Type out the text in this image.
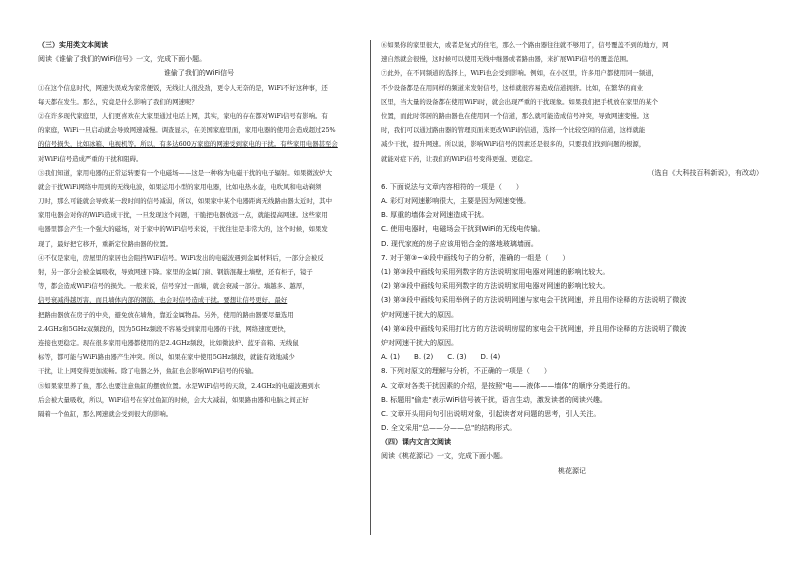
（三）实用类文本阅读
阅读《谁偷了我们的WiFi信号》一文，完成下面小题。
谁偷了我们的WiFi信号
①在这个信息时代，网速失误成为家常便饭，无线让人很没劲，更令人无奈的是，WiFi不好这种事，还
每天都在发生。那么，究竟是什么影响了我们的网速呢？
②在许多现代家庭里，人们更喜欢在大家里通过电话上网，其实，家电的存在都对WiFi信号有影响。有
的家庭，WiFi一旦启动就会导致网速减慢。调查显示，在美国家庭里面，家用电器的使用会造成超过25%
的信号损失，比如冰箱、电视机等。所以，有多达600万家庭的网速受到家电的干扰。有些家用电器甚至会
对WiFi信号造成严重的干扰和阻碍。
③我们知道，家用电器的正常运转要有一个电磁场——这是一种称为电磁干扰的电子辐射。如果微波炉大
就会干扰WiFi网络中用到的无线电波，如果运用小型的家用电器，比如电热水壶，电吹风和电动剃须
刀时，那么可能就会导致某一段时间的信号减弱，所以，如果家中某个电器距离无线路由器太近时，其中
家用电器会对你的WiFi造成干扰，一旦发现这个问题，干脆把电器放远一点，就能提高网速。这些家用
电器里都会产生一个强大的磁场，对于家中的WiFi信号来说，干扰往往是非常大的，这个时候，如果发
现了，最好把它移开，重新定位路由器的位置。
④不仅是家电，房屋里的家居也会阻挡WiFi信号。WiFi发出的电磁波遇到金属材料后，一部分会被反
射，另一部分会被金属吸收，导致网速下降。家里的金属门窗、钢筋混凝土墙壁，还有柜子，镜子
等，都会造成WiFi信号的损失。一般来说，信号穿过一面墙，就会衰减一部分。墙越多、越厚，
信号衰减得越厉害，而且墙体内部的钢筋，也会对信号造成干扰。要想让信号更好，最好
把路由器放在房子的中央，避免放在墙角，靠近金属物品。另外，使用的路由器要尽量选用
2.4GHz和5GHz双频段的，因为5GHz频段不容易受到家用电器的干扰，网络速度更快，
连接也更稳定。现在很多家用电器都使用的是2.4GHz频段，比如微波炉、蓝牙音箱、无线鼠
标等，都可能与WiFi路由器产生冲突。所以，如果在家中使用5GHz频段，就能有效地减少
干扰，让上网变得更加流畅。除了电器之外，鱼缸也会影响WiFi信号的传输。
⑤如果家里养了鱼，那么也要注意鱼缸的摆放位置。水是WiFi信号的天敌，2.4GHz的电磁波遇到水
后会被大量吸收，所以，WiFi信号在穿过鱼缸的时候，会大大减弱，如果路由器和电脑之间正好
隔着一个鱼缸，那么网速就会受到很大的影响。
⑥如果你的家里很大，或者是复式的住宅，那么一个路由器往往就不够用了，信号覆盖不到的地方，网
速自然就会很慢，这时候可以使用无线中继器或者路由器，来扩展WiFi信号的覆盖范围。
⑦此外，在不同频道的选择上，WiFi也会受到影响。例如，在小区里，许多用户都使用同一频道，
不少设备都是在用同样的频道来发射信号，这样就很容易造成信道拥挤。比如，在繁华的商业
区里，当大量的设备都在使用WiFi时，就会出现严重的干扰现象。如果我们把手机放在家里的某个
位置，而此时邻居的路由器也在使用同一个信道，那么就可能造成信号冲突，导致网速变慢。这
时，我们可以通过路由器的管理页面来更改WiFi的信道，选择一个比较空闲的信道，这样就能
减少干扰，提升网速。所以说，影响WiFi信号的因素还是很多的，只要我们找到问题的根源，
就能对症下药，让我们的WiFi信号变得更强、更稳定。
（选自《大科技百科新说》，有改动）
6. 下面说法与文章内容相符的一项是（　　）
A. 彩灯对网速影响很大，主要是因为网速变慢。
B. 厚重的墙体会对网速造成干扰。
C. 使用电器时，电磁场会干扰到WiFi的无线电传输。
D. 现代家庭的房子应该用铝合金的落地玻璃墙面。
7. 对于第③~④段中画线句子的分析，准确的一组是（　　）
(1) 第③段中画线句采用列数字的方法说明家用电器对网速的影响比较大。
(2) 第③段中画线句采用列数字的方法说明家用电器对网速的影响比较大。
(3) 第③段中画线句采用举例子的方法说明网速与家电会干扰网速，并且用作诠释的方法说明了微波
炉对网速干扰大的原因。
(4) 第④段中画线句采用打比方的方法说明房屋的家电会干扰网速，并且用作诠释的方法说明了微波
炉对网速干扰大的原因。
A. (1)　　B. (2)　　C. (3)　　D. (4)
8. 下列对原文的理解与分析，不正确的一项是（　　）
A. 文章对各类干扰因素的介绍，是按照"电——液体——墙体"的顺序分类进行的。
B. 标题用"偷走"表示WiFi信号被干扰，语言生动，激发读者的阅读兴趣。
C. 文章开头用问句引出说明对象，引起读者对问题的思考，引人关注。
D. 全文采用"总——分——总"的结构形式。
（四）课内文言文阅读
阅读《桃花源记》一文，完成下面小题。
桃花源记
